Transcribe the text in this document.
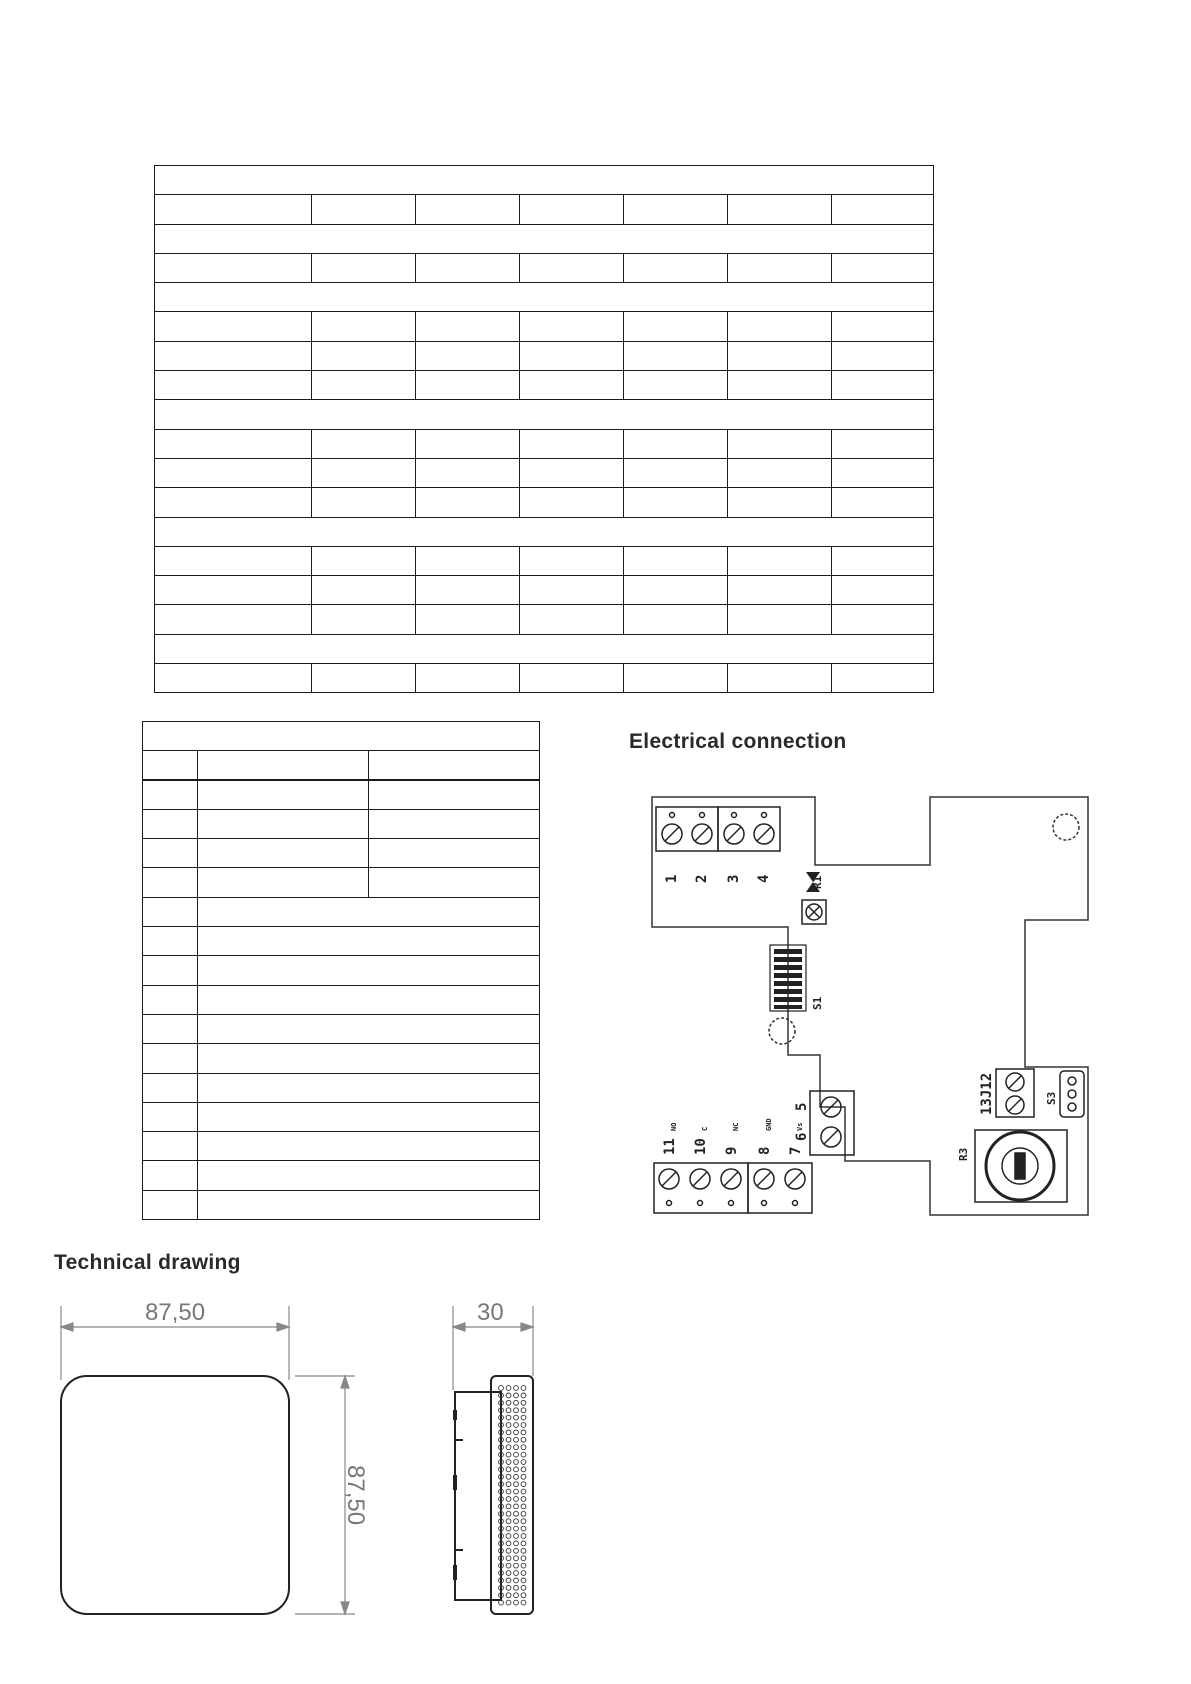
Electrical connection
1 2 3 4	R1
S1
5
6
11 10 9 8 7
NO	C	NC	GND	Vs
13J12	S3
R3
Technical drawing
87,50
87,50
30
